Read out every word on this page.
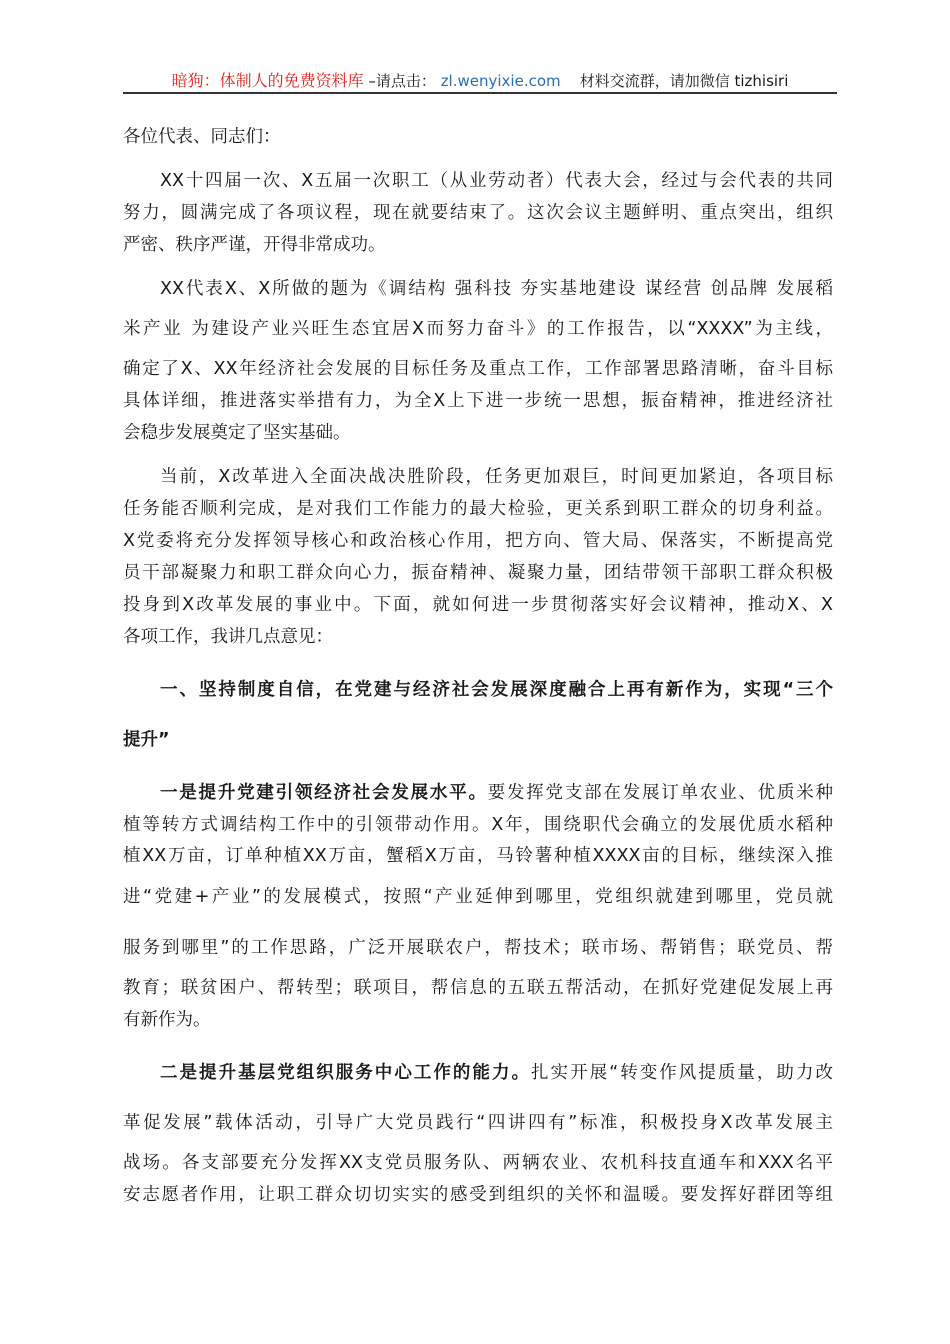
暗狗：体制人的免费资料库 –请点击： zl.wenyixie.com 材料交流群，请加微信 tizhisiri
各位代表、同志们：
XX十四届一次、X五届一次职工（从业劳动者）代表大会，经过与会代表的共同
努力，圆满完成了各项议程，现在就要结束了。这次会议主题鲜明、重点突出，组织
严密、秩序严谨，开得非常成功。
XX代表X、X所做的题为《调结构 强科技 夯实基地建设 谋经营 创品牌 发展稻
米产业 为建设产业兴旺生态宜居X而努力奋斗》的工作报告，以“XXXX”为主线，
确定了X、XX年经济社会发展的目标任务及重点工作，工作部署思路清晰，奋斗目标
具体详细，推进落实举措有力，为全X上下进一步统一思想，振奋精神，推进经济社
会稳步发展奠定了坚实基础。
当前，X改革进入全面决战决胜阶段，任务更加艰巨，时间更加紧迫，各项目标
任务能否顺利完成，是对我们工作能力的最大检验，更关系到职工群众的切身利益。
X党委将充分发挥领导核心和政治核心作用，把方向、管大局、保落实，不断提高党
员干部凝聚力和职工群众向心力，振奋精神、凝聚力量，团结带领干部职工群众积极
投身到X改革发展的事业中。下面，就如何进一步贯彻落实好会议精神，推动X、X
各项工作，我讲几点意见：
一、坚持制度自信，在党建与经济社会发展深度融合上再有新作为，实现“三个
提升”
一是提升党建引领经济社会发展水平。要发挥党支部在发展订单农业、优质米种
植等转方式调结构工作中的引领带动作用。X年，围绕职代会确立的发展优质水稻种
植XX万亩，订单种植XX万亩，蟹稻X万亩，马铃薯种植XXXX亩的目标，继续深入推
进“党建+产业”的发展模式，按照“产业延伸到哪里，党组织就建到哪里，党员就
服务到哪里”的工作思路，广泛开展联农户，帮技术；联市场、帮销售；联党员、帮
教育；联贫困户、帮转型；联项目，帮信息的五联五帮活动，在抓好党建促发展上再
有新作为。
二是提升基层党组织服务中心工作的能力。扎实开展“转变作风提质量，助力改
革促发展”载体活动，引导广大党员践行“四讲四有”标准，积极投身X改革发展主
战场。各支部要充分发挥XX支党员服务队、两辆农业、农机科技直通车和XXX名平
安志愿者作用，让职工群众切切实实的感受到组织的关怀和温暖。要发挥好群团等组
